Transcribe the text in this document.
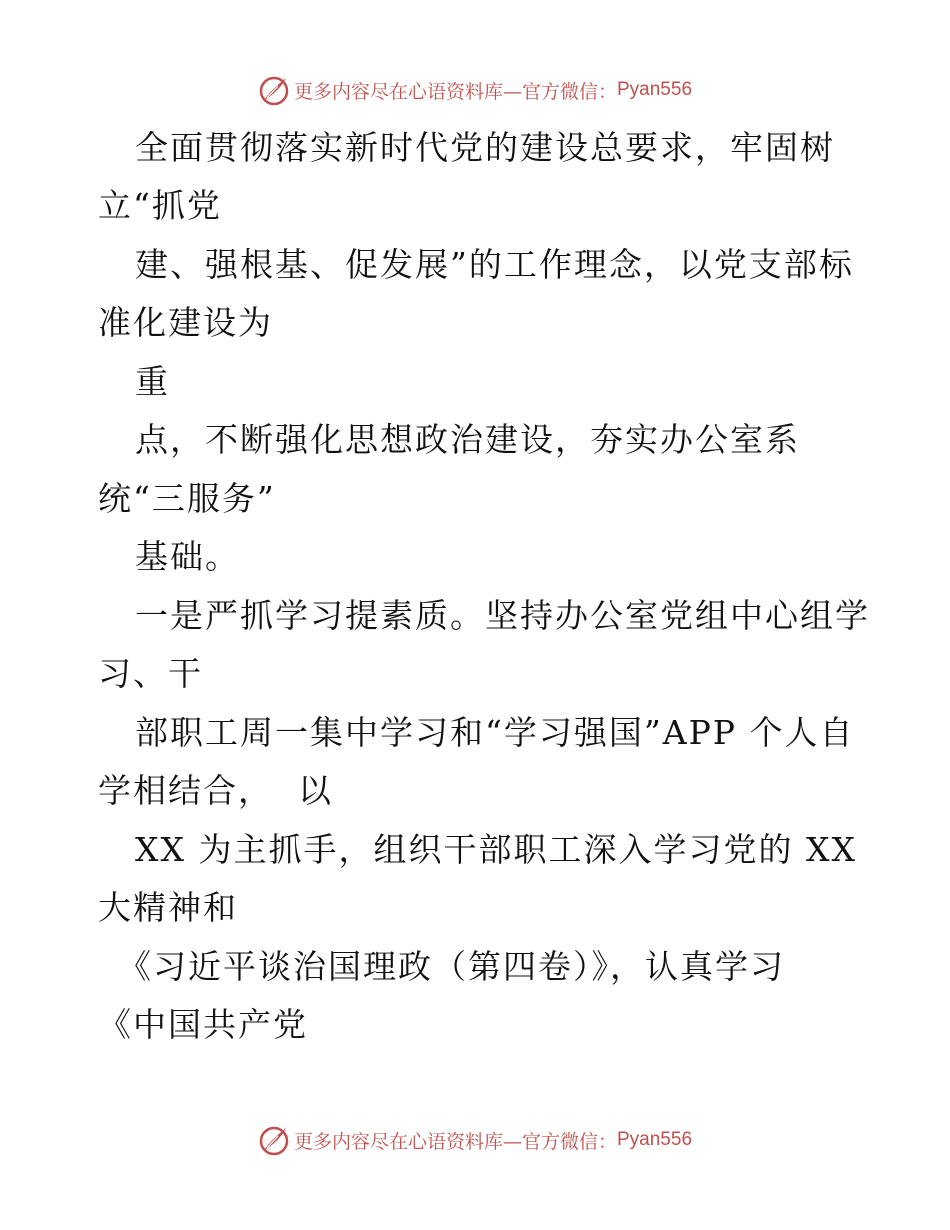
更多内容尽在心语资料库—官方微信： Pyan556
全面贯彻落实新时代党的建设总要求，牢固树
立“抓党
建、强根基、促发展”的工作理念，以党支部标
准化建设为
重
点，不断强化思想政治建设，夯实办公室系
统“三服务”
基础。
一是严抓学习提素质。坚持办公室党组中心组学
习、干
部职工周一集中学习和“学习强国”APP 个人自
学相结合，  以
XX 为主抓手，组织干部职工深入学习党的 XX
大精神和
《习近平谈治国理政（第四卷）》，认真学习
《中国共产党
更多内容尽在心语资料库—官方微信： Pyan556
